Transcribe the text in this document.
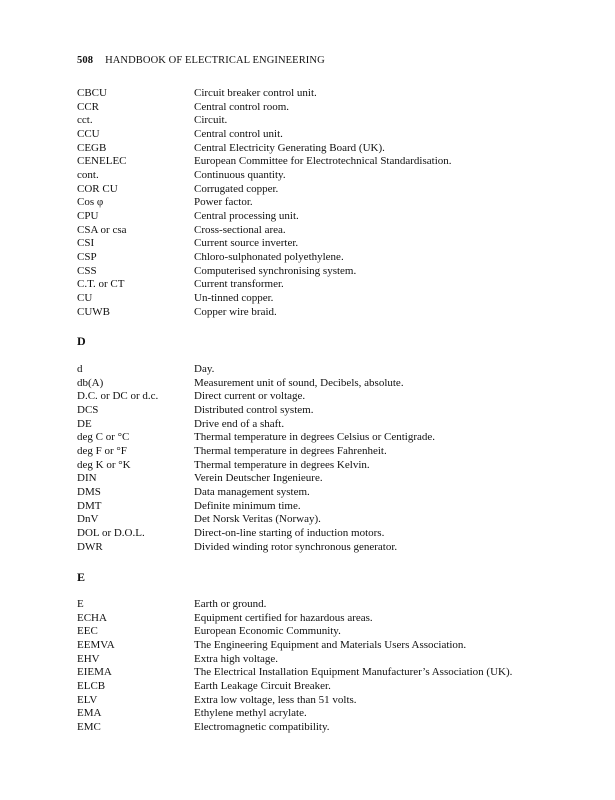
508 HANDBOOK OF ELECTRICAL ENGINEERING
CBCU	Circuit breaker control unit.
CCR	Central control room.
cct.	Circuit.
CCU	Central control unit.
CEGB	Central Electricity Generating Board (UK).
CENELEC	European Committee for Electrotechnical Standardisation.
cont.	Continuous quantity.
COR CU	Corrugated copper.
Cos φ	Power factor.
CPU	Central processing unit.
CSA or csa	Cross-sectional area.
CSI	Current source inverter.
CSP	Chloro-sulphonated polyethylene.
CSS	Computerised synchronising system.
C.T. or CT	Current transformer.
CU	Un-tinned copper.
CUWB	Copper wire braid.
D
d	Day.
db(A)	Measurement unit of sound, Decibels, absolute.
D.C. or DC or d.c.	Direct current or voltage.
DCS	Distributed control system.
DE	Drive end of a shaft.
deg C or °C	Thermal temperature in degrees Celsius or Centigrade.
deg F or °F	Thermal temperature in degrees Fahrenheit.
deg K or °K	Thermal temperature in degrees Kelvin.
DIN	Verein Deutscher Ingenieure.
DMS	Data management system.
DMT	Definite minimum time.
DnV	Det Norsk Veritas (Norway).
DOL or D.O.L.	Direct-on-line starting of induction motors.
DWR	Divided winding rotor synchronous generator.
E
E	Earth or ground.
ECHA	Equipment certified for hazardous areas.
EEC	European Economic Community.
EEMVA	The Engineering Equipment and Materials Users Association.
EHV	Extra high voltage.
EIEMA	The Electrical Installation Equipment Manufacturer’s Association (UK).
ELCB	Earth Leakage Circuit Breaker.
ELV	Extra low voltage, less than 51 volts.
EMA	Ethylene methyl acrylate.
EMC	Electromagnetic compatibility.
